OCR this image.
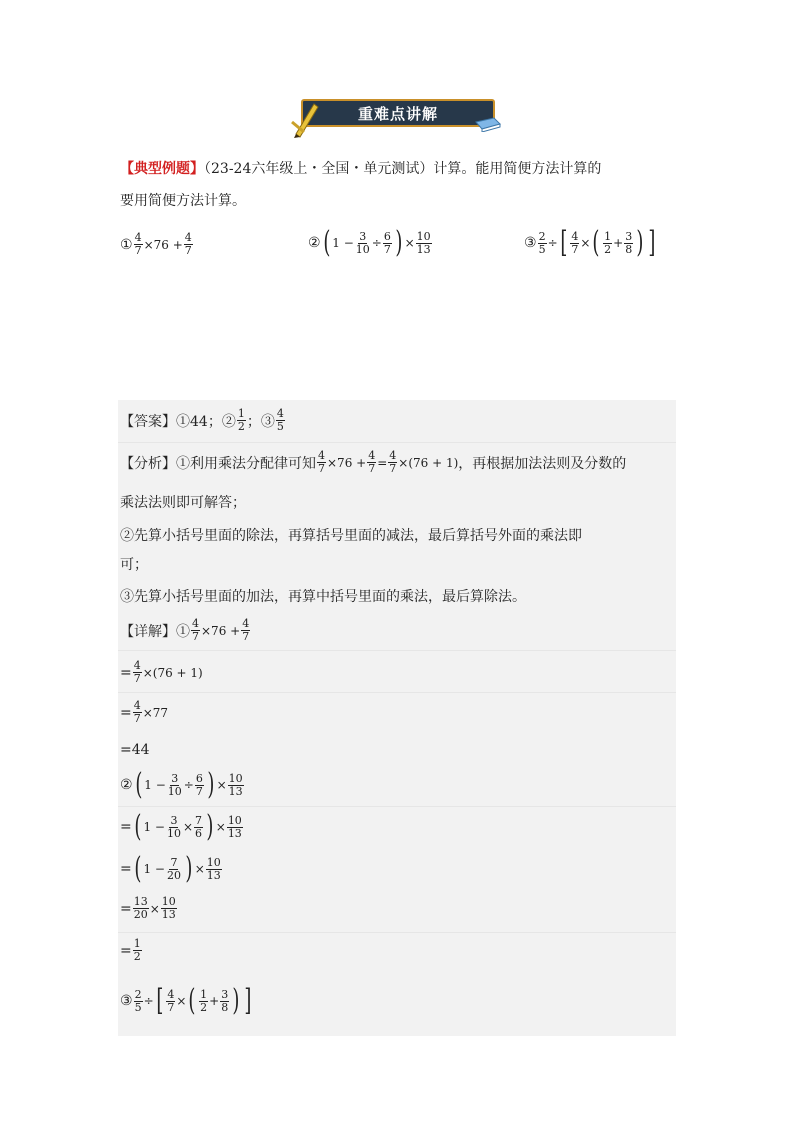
重难点讲解
【典型例题】（23-24六年级上・全国・单元测试）计算。能用简便方法计算的
要用简便方法计算。
① $\frac{4}{7} \times 76 + \frac{4}{7}$	② ( $1 - \frac{3}{10} \div \frac{6}{7}$ ) × $\frac{10}{13}$	③ $\frac{2}{5}$ ÷ [ $\frac{4}{7}$ × ( $\frac{1}{2} + \frac{3}{8}$ ) ]
【答案】①44；② $\frac{1}{2}$ ；③ $\frac{4}{5}$
【分析】①利用乘法分配律可知 $\frac{4}{7} \times 76 + \frac{4}{7} = \frac{4}{7} \times(76 + 1)$ ，再根据加法法则及分数的
乘法法则即可解答；
②先算小括号里面的除法，再算括号里面的减法，最后算括号外面的乘法即
可；
③先算小括号里面的加法，再算中括号里面的乘法，最后算除法。
【详解】① $\frac{4}{7} \times 76 + \frac{4}{7}$
= $\frac{4}{7} \times(76 + 1)$
= $\frac{4}{7} \times 77$
=44
② ( $1 - \frac{3}{10} \div \frac{6}{7}$ ) × $\frac{10}{13}$
= ( $1 - \frac{3}{10} \times \frac{7}{6}$ ) × $\frac{10}{13}$
= ( $1 - \frac{7}{20}$ ) × $\frac{10}{13}$
= $\frac{13}{20} \times \frac{10}{13}$
= $\frac{1}{2}$
③ $\frac{2}{5}$ ÷ [ $\frac{4}{7}$ × ( $\frac{1}{2} + \frac{3}{8}$ ) ]
